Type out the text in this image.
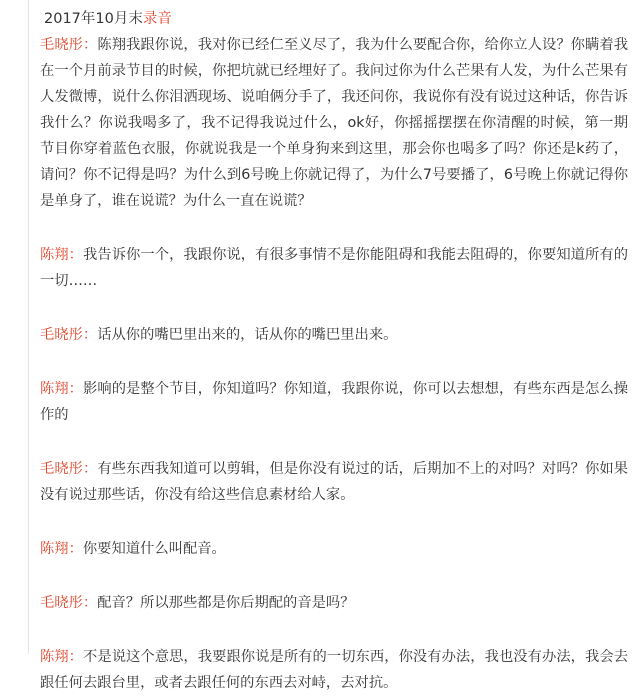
2017年10月末录音

毛晓彤：陈翔我跟你说，我对你已经仁至义尽了，我为什么要配合你，给你立人设？你瞒着我在一个月前录节目的时候，你把坑就已经埋好了。我问过你为什么芒果有人发，为什么芒果有人发微博，说什么你泪洒现场、说咱俩分手了，我还问你，我说你有没有说过这种话，你告诉我什么？你说我喝多了，我不记得我说过什么，ok好，你摇摇摆摆在你清醒的时候，第一期节目你穿着蓝色衣服，你就说我是一个单身狗来到这里，那会你也喝多了吗？你还是k药了，请问？你不记得是吗？为什么到6号晚上你就记得了，为什么7号要播了，6号晚上你就记得你是单身了，谁在说谎？为什么一直在说谎？

陈翔：我告诉你一个，我跟你说，有很多事情不是你能阻碍和我能去阻碍的，你要知道所有的一切……

毛晓彤：话从你的嘴巴里出来的，话从你的嘴巴里出来。

陈翔：影响的是整个节目，你知道吗？你知道，我跟你说，你可以去想想，有些东西是怎么操作的

毛晓彤：有些东西我知道可以剪辑，但是你没有说过的话，后期加不上的对吗？对吗？你如果没有说过那些话，你没有给这些信息素材给人家。

陈翔：你要知道什么叫配音。

毛晓彤：配音？所以那些都是你后期配的音是吗？

陈翔：不是说这个意思，我要跟你说是所有的一切东西，你没有办法，我也没有办法，我会去跟任何去跟台里，或者去跟任何的东西去对峙，去对抗。
